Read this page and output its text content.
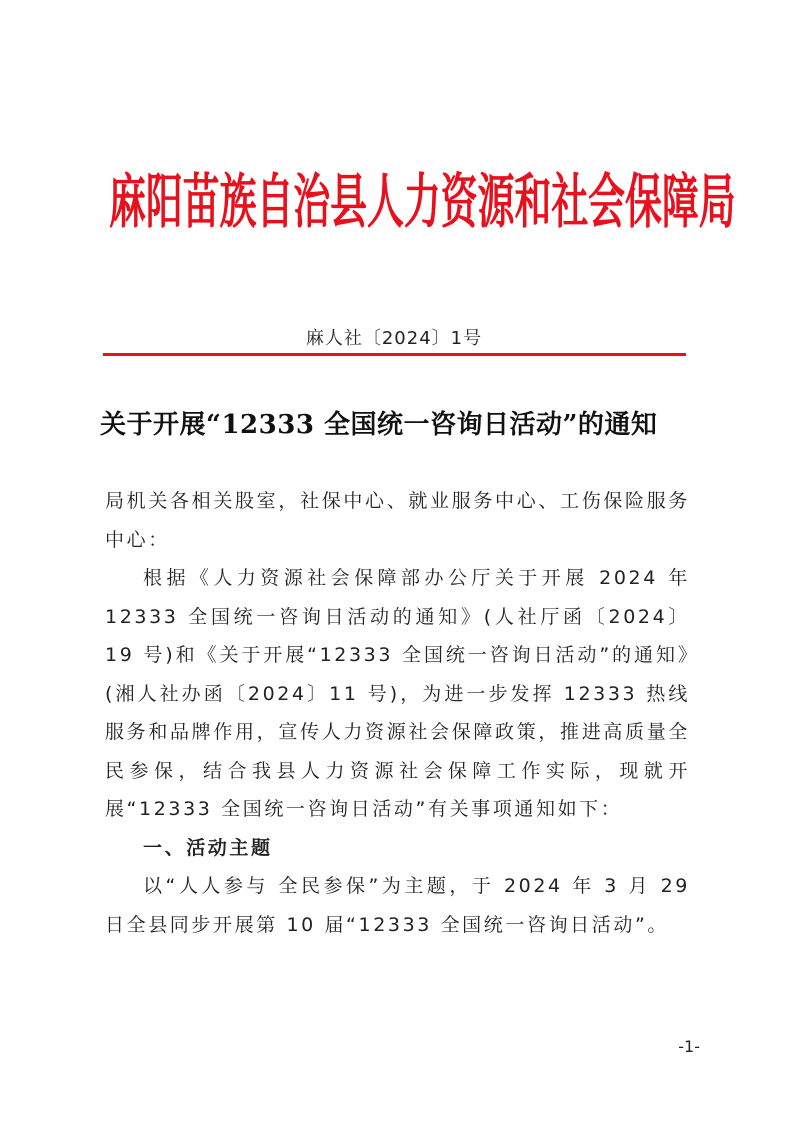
麻阳苗族自治县人力资源和社会保障局
麻人社〔2024〕1号
关于开展“12333 全国统一咨询日活动”的通知

局机关各相关股室，社保中心、就业服务中心、工伤保险服务中心：

根据《人力资源社会保障部办公厅关于开展 2024 年 12333 全国统一咨询日活动的通知》(人社厅函〔2024〕19 号)和《关于开展“12333 全国统一咨询日活动”的通知》(湘人社办函〔2024〕11 号)，为进一步发挥 12333 热线服务和品牌作用，宣传人力资源社会保障政策，推进高质量全民参保，结合我县人力资源社会保障工作实际，现就开展“12333 全国统一咨询日活动”有关事项通知如下：

一、活动主题

以“人人参与 全民参保”为主题，于 2024 年 3 月 29 日全县同步开展第 10 届“12333 全国统一咨询日活动”。

-1-
